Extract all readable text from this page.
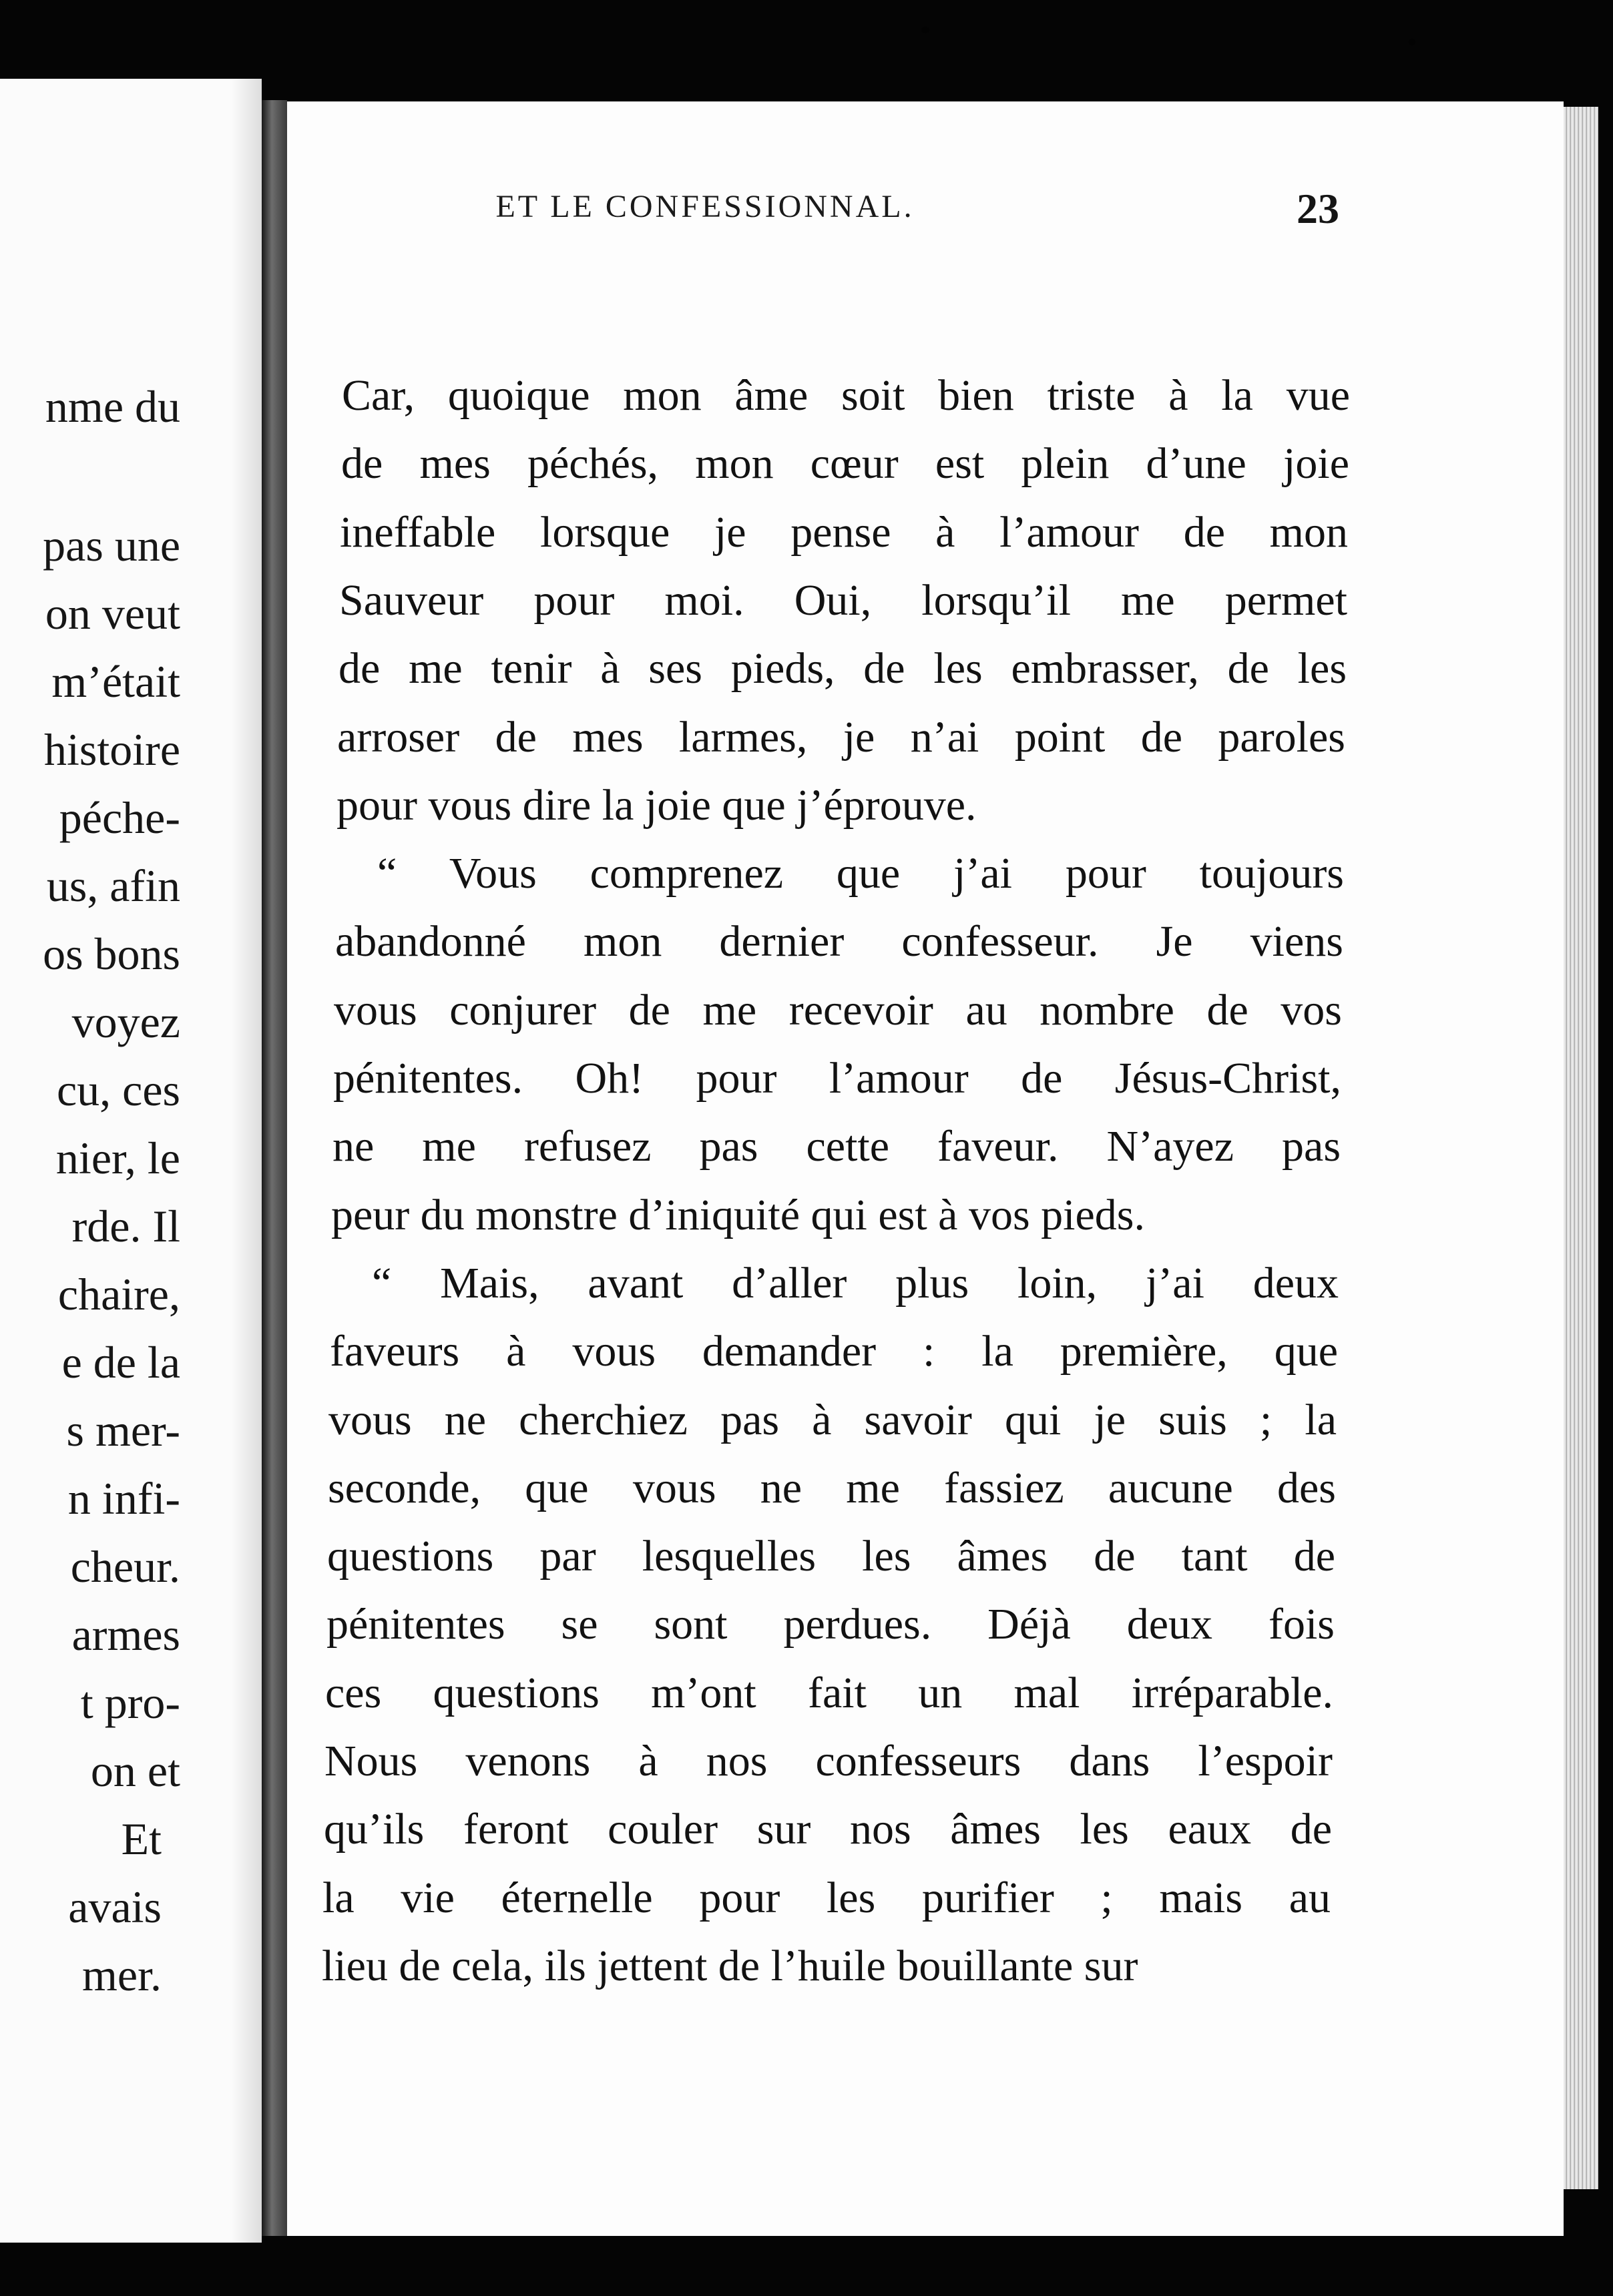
nme du
pas une
on veut
m’était
histoire
péche-
us, afin
os bons
voyez
cu, ces
nier, le
rde. Il
chaire,
e de la
s mer-
n infi-
cheur.
armes
t pro-
on et
Et
avais
mer.
Car, quoique mon âme soit bien triste à la vue
de mes péchés, mon cœur est plein d’une joie
ineffable lorsque je pense à l’amour de mon
Sauveur pour moi. Oui, lorsqu’il me permet
de me tenir à ses pieds, de les embrasser, de les
arroser de mes larmes, je n’ai point de paroles
pour vous dire la joie que j’éprouve.
“ Vous comprenez que j’ai pour toujours
abandonné mon dernier confesseur. Je viens
vous conjurer de me recevoir au nombre de vos
pénitentes. Oh! pour l’amour de Jésus-Christ,
ne me refusez pas cette faveur. N’ayez pas
peur du monstre d’iniquité qui est à vos pieds.
“ Mais, avant d’aller plus loin, j’ai deux
faveurs à vous demander : la première, que
vous ne cherchiez pas à savoir qui je suis ; la
seconde, que vous ne me fassiez aucune des
questions par lesquelles les âmes de tant de
pénitentes se sont perdues. Déjà deux fois
ces questions m’ont fait un mal irréparable.
Nous venons à nos confesseurs dans l’espoir
qu’ils feront couler sur nos âmes les eaux de
la vie éternelle pour les purifier ; mais au
lieu de cela, ils jettent de l’huile bouillante sur
ET LE CONFESSIONNAL.	23
